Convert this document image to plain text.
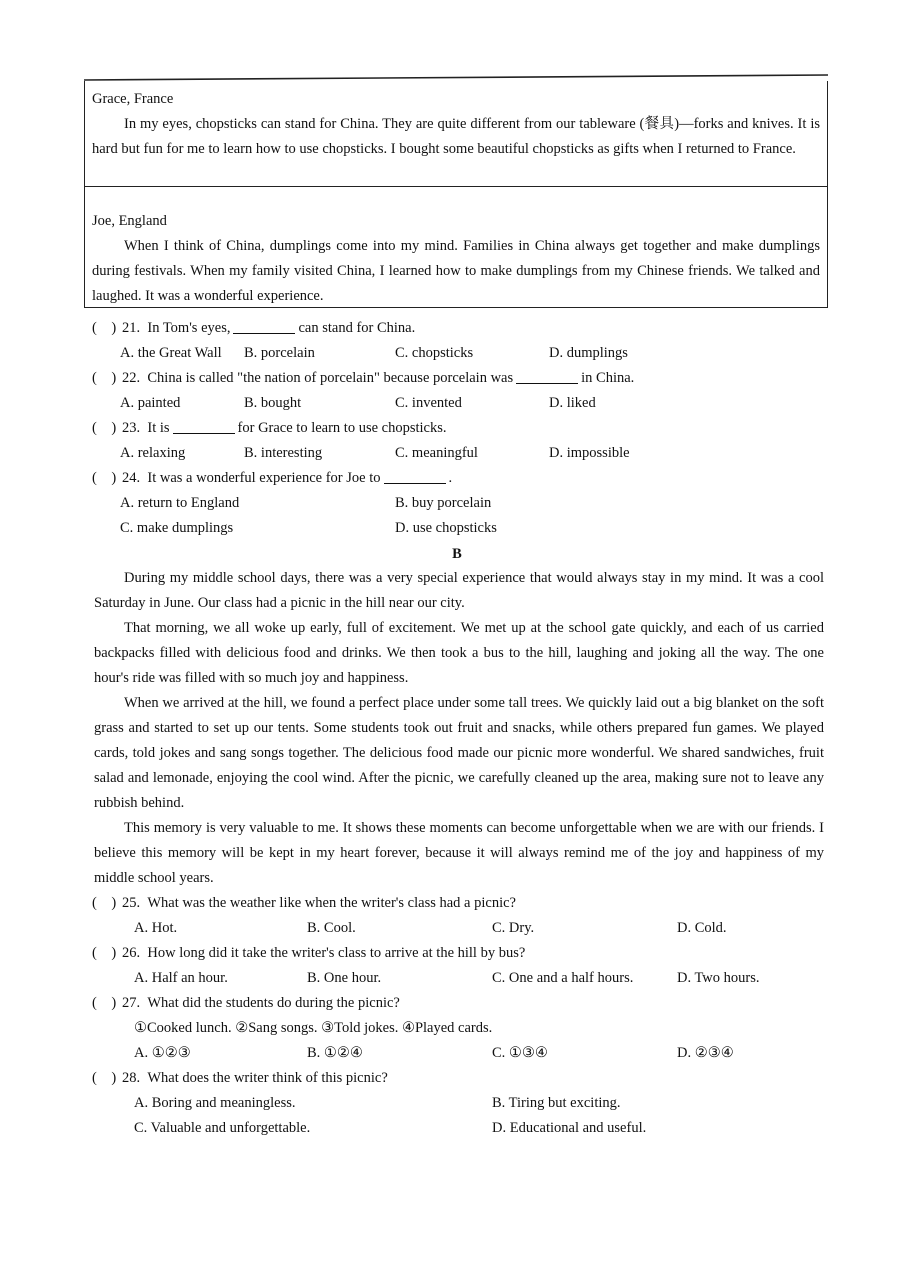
Grace, France
In my eyes, chopsticks can stand for China. They are quite different from our tableware (餐具)—forks and knives. It is hard but fun for me to learn how to use chopsticks. I bought some beautiful chopsticks as gifts when I returned to France.
Joe, England
When I think of China, dumplings come into my mind. Families in China always get together and make dumplings during festivals. When my family visited China, I learned how to make dumplings from my Chinese friends. We talked and laughed. It was a wonderful experience.
( ) 21. In Tom's eyes,	can stand for China.
A. the Great Wall B. porcelain	C. chopsticks	D. dumplings
( ) 22. China is called "the nation of porcelain" because porcelain was	in China.
A. painted	B. bought	C. invented	D. liked
( ) 23. It is	for Grace to learn to use chopsticks.
A. relaxing	B. interesting	C. meaningful	D. impossible
( ) 24. It was a wonderful experience for Joe to	.
A. return to England	B. buy porcelain
C. make dumplings	D. use chopsticks
B

During my middle school days, there was a very special experience that would always stay in my mind. It was a cool Saturday in June. Our class had a picnic in the hill near our city.

That morning, we all woke up early, full of excitement. We met up at the school gate quickly, and each of us carried backpacks filled with delicious food and drinks. We then took a bus to the hill, laughing and joking all the way. The one hour's ride was filled with so much joy and happiness.

When we arrived at the hill, we found a perfect place under some tall trees. We quickly laid out a big blanket on the soft grass and started to set up our tents. Some students took out fruit and snacks, while others prepared fun games. We played cards, told jokes and sang songs together. The delicious food made our picnic more wonderful. We shared sandwiches, fruit salad and lemonade, enjoying the cool wind. After the picnic, we carefully cleaned up the area, making sure not to leave any rubbish behind.

This memory is very valuable to me. It shows these moments can become unforgettable when we are with our friends. I believe this memory will be kept in my heart forever, because it will always remind me of the joy and happiness of my middle school years.

( ) 25. What was the weather like when the writer's class had a picnic?
A. Hot.	B. Cool.	C. Dry.	D. Cold.
( ) 26. How long did it take the writer's class to arrive at the hill by bus?
A. Half an hour.	B. One hour.	C. One and a half hours.	D. Two hours.
( ) 27. What did the students do during the picnic?
①Cooked lunch. ②Sang songs. ③Told jokes. ④Played cards.
A. ①②③	B. ①②④	C. ①③④	D. ②③④
( ) 28. What does the writer think of this picnic?
A. Boring and meaningless.	B. Tiring but exciting.
C. Valuable and unforgettable.	D. Educational and useful.
